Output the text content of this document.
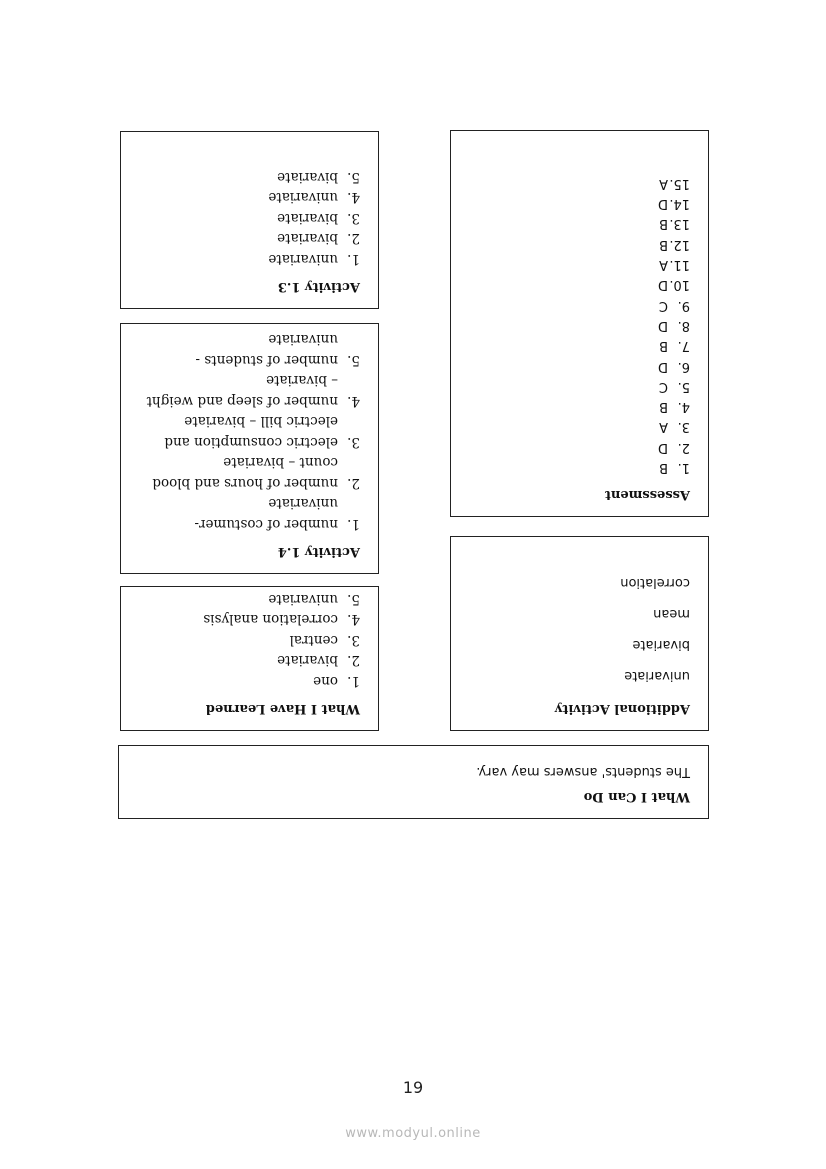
What I Can Do

The students' answers may vary.

Additional Activity
univariate
bivariate
mean
correlation
Assessment
1.
B
2.
D
3.
A
4.
B
5.
C
6.
D
7.
B
8.
D
9.
C
10.
D
11.
A
12.
B
13.
B
14.
D
15.
A
What I Have Learned
1.
one
2.
bivariate
3.
central
4.
correlation analysis
5.
univariate
Activity 1.4
1.
number of costumer- univariate
2.
number of hours and blood count – bivariate
3.
electric consumption and electric bill – bivariate
4.
number of sleep and weight – bivariate
5.
number of students - univariate
Activity 1.3
1.
univariate
2.
bivariate
3.
bivariate
4.
univariate
5.
bivariate
19
www.modyul.online
